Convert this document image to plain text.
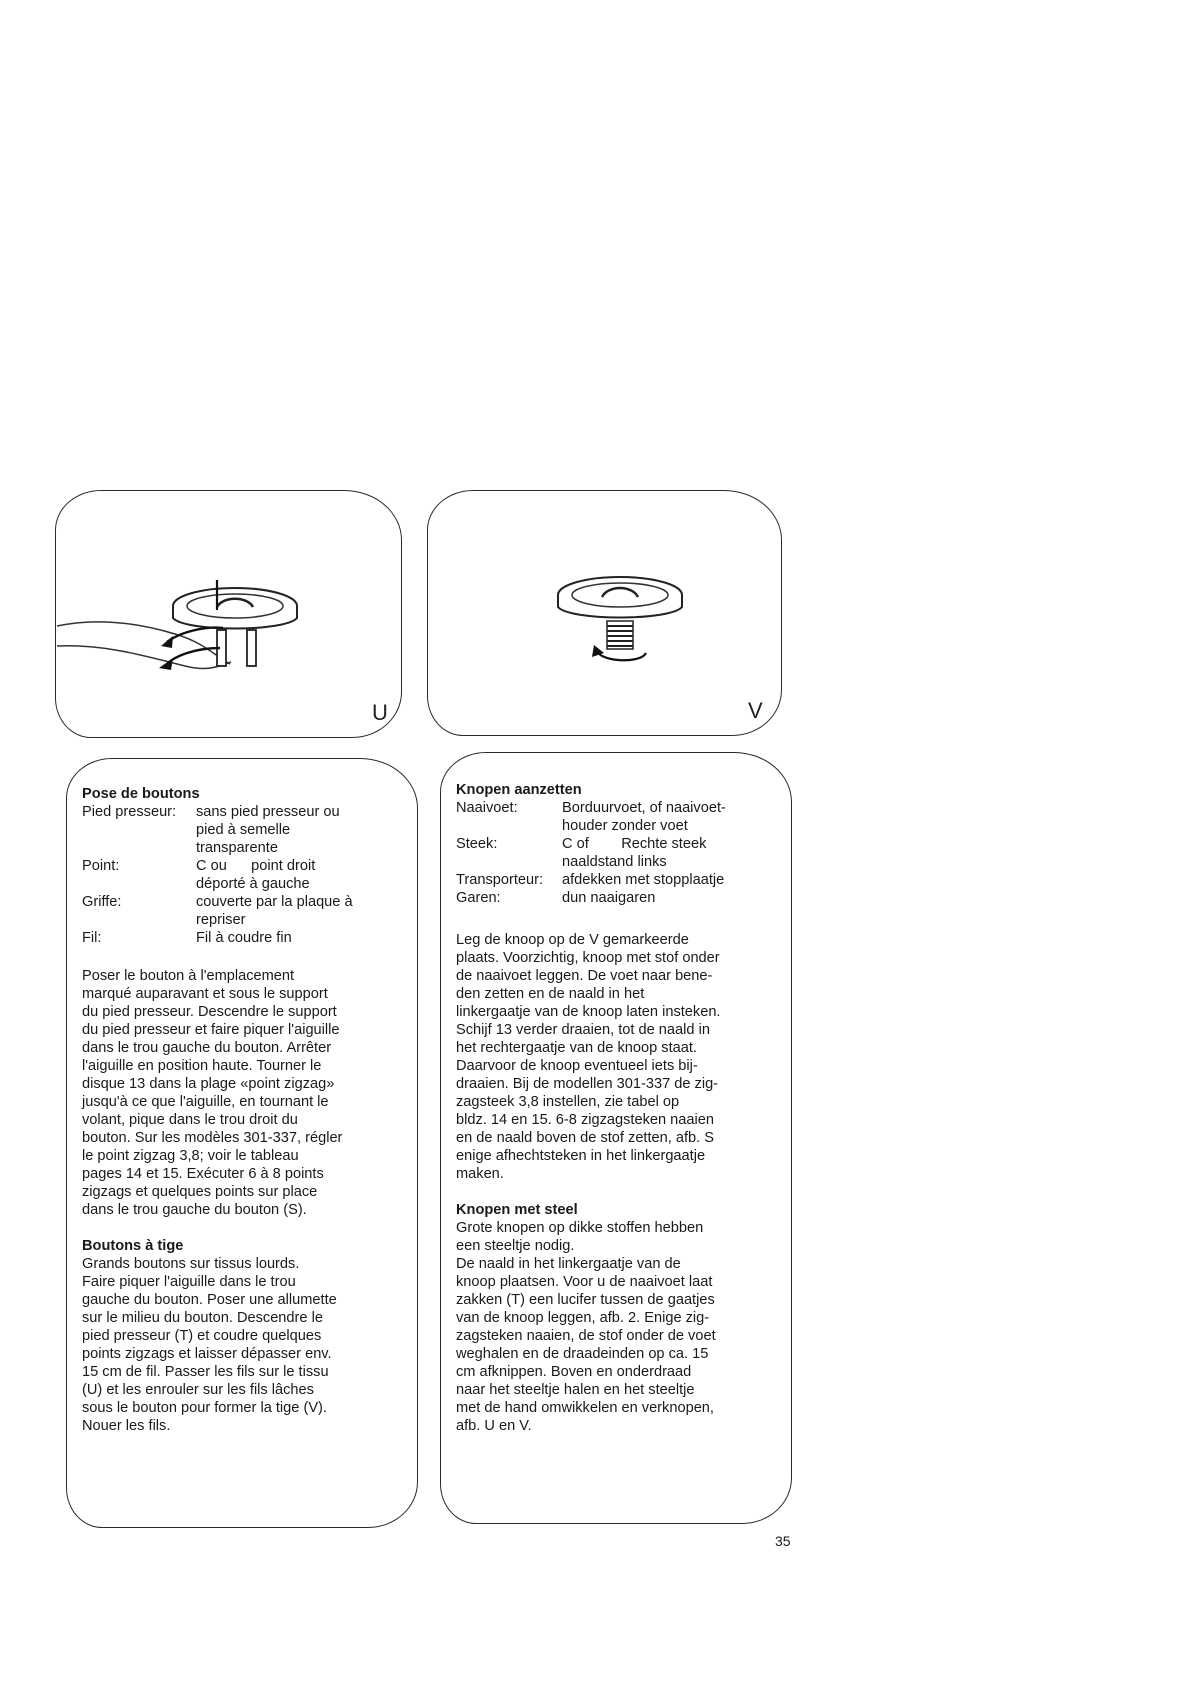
U	V

Pose de boutons

Pied presseur:	sans pied presseur ou
pied à semelle
transparente
Point:	C ou      point droit
déporté à gauche
Griffe:	couverte par la plaque à
repriser
Fil:	Fil à coudre fin

Poser le bouton à l'emplacement
marqué auparavant et sous le support
du pied presseur. Descendre le support
du pied presseur et faire piquer l'aiguille
dans le trou gauche du bouton. Arrêter
l'aiguille en position haute. Tourner le
disque 13 dans la plage «point zigzag»
jusqu'à ce que l'aiguille, en tournant le
volant, pique dans le trou droit du
bouton. Sur les modèles 301-337, régler
le point zigzag 3,8; voir le tableau
pages 14 et 15. Exécuter 6 à 8 points
zigzags et quelques points sur place
dans le trou gauche du bouton (S).

Boutons à tige

Grands boutons sur tissus lourds.
Faire piquer l'aiguille dans le trou
gauche du bouton. Poser une allumette
sur le milieu du bouton. Descendre le
pied presseur (T) et coudre quelques
points zigzags et laisser dépasser env.
15 cm de fil. Passer les fils sur le tissu
(U) et les enrouler sur les fils lâches
sous le bouton pour former la tige (V).
Nouer les fils.

Knopen aanzetten

Naaivoet:	Borduurvoet, of naaivoet-
houder zonder voet
Steek:	C of        Rechte steek
naaldstand links
Transporteur:	afdekken met stopplaatje
Garen:	dun naaigaren

Leg de knoop op de V gemarkeerde
plaats. Voorzichtig, knoop met stof onder
de naaivoet leggen. De voet naar bene-
den zetten en de naald in het
linkergaatje van de knoop laten insteken.
Schijf 13 verder draaien, tot de naald in
het rechtergaatje van de knoop staat.
Daarvoor de knoop eventueel iets bij-
draaien. Bij de modellen 301-337 de zig-
zagsteek 3,8 instellen, zie tabel op
bldz. 14 en 15. 6-8 zigzagsteken naaien
en de naald boven de stof zetten, afb. S
enige afhechtsteken in het linkergaatje
maken.

Knopen met steel

Grote knopen op dikke stoffen hebben
een steeltje nodig.
De naald in het linkergaatje van de
knoop plaatsen. Voor u de naaivoet laat
zakken (T) een lucifer tussen de gaatjes
van de knoop leggen, afb. 2. Enige zig-
zagsteken naaien, de stof onder de voet
weghalen en de draadeinden op ca. 15
cm afknippen. Boven en onderdraad
naar het steeltje halen en het steeltje
met de hand omwikkelen en verknopen,
afb. U en V.

35
